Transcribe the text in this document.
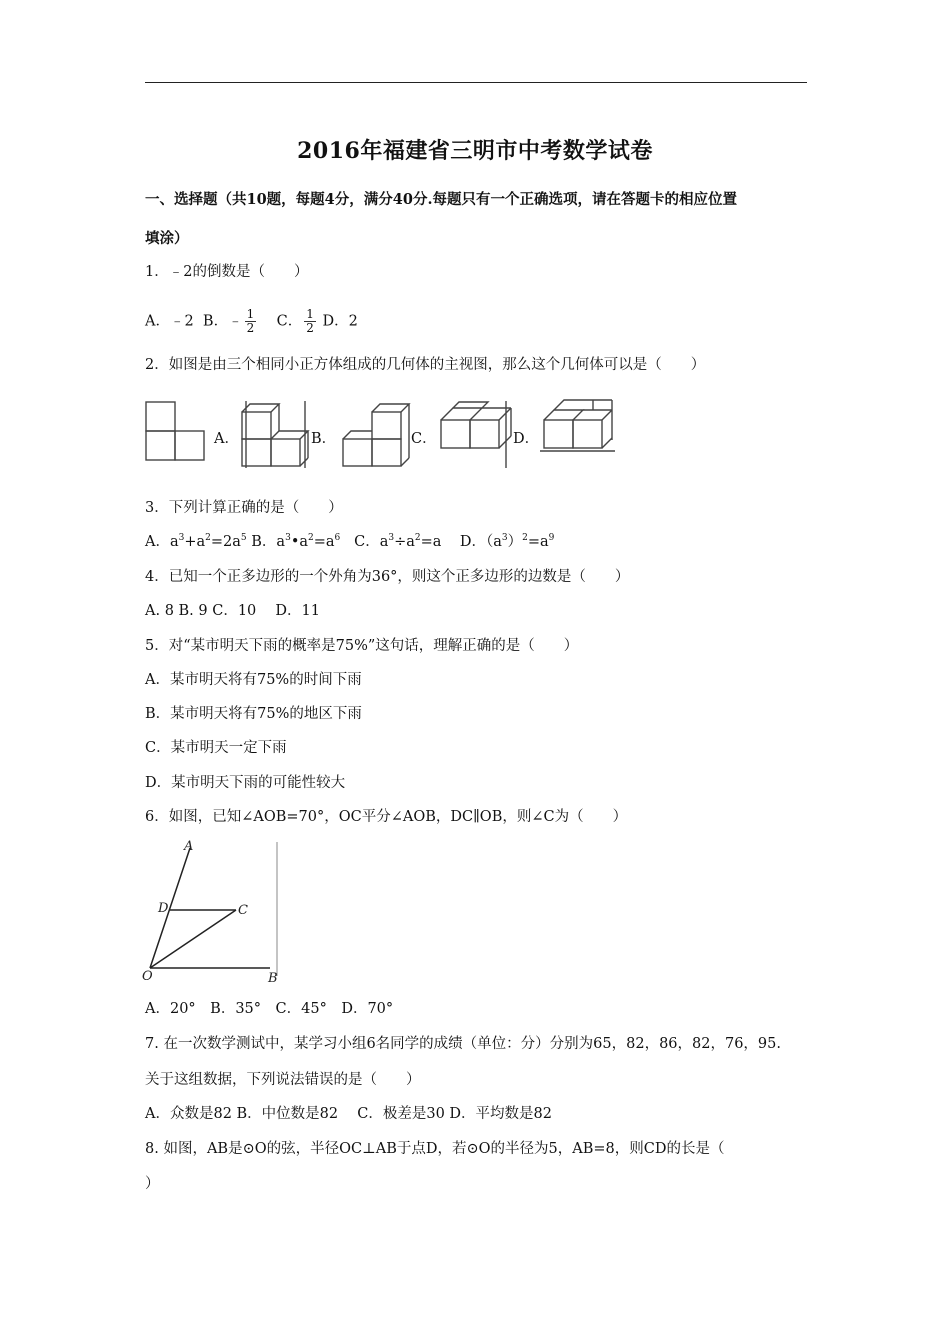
2016年福建省三明市中考数学试卷
一、选择题（共10题，每题4分，满分40分.每题只有一个正确选项，请在答题卡的相应位置
填涂）
1．﹣2的倒数是（　　）
A．﹣2 B．﹣ $\frac{1}{2}$ C． $\frac{1}{2}$ D．2
2．如图是由三个相同小正方体组成的几何体的主视图，那么这个几何体可以是（　　）
A．	B．	C．	D．
3．下列计算正确的是（　　）
A．$a^3+a^2=2a^5$ B．$a^3•a^2=a^6$ C．$a^3\div a^2=a$ D．$(a^3)^2=a^9$
4．已知一个正多边形的一个外角为36°，则这个正多边形的边数是（　　）
A. 8 B. 9 C．10　 D．11
5．对“某市明天下雨的概率是75%”这句话，理解正确的是（　　）
A．某市明天将有75%的时间下雨
B．某市明天将有75%的地区下雨
C．某市明天一定下雨
D．某市明天下雨的可能性较大
6．如图，已知∠AOB=70°，OC平分∠AOB，DC∥OB，则∠C为（　　）
A
B
C
D
O
A．20°　B．35°　C．45°　D．70°
7. 在一次数学测试中，某学习小组6名同学的成绩（单位：分）分别为65，82，86，82，76，95.
关于这组数据，下列说法错误的是（　　）
A．众数是82 B．中位数是82　 C．极差是30 D．平均数是82
8. 如图，AB是⊙O的弦，半径OC⊥AB于点D，若⊙O的半径为5，AB=8，则CD的长是（
）
